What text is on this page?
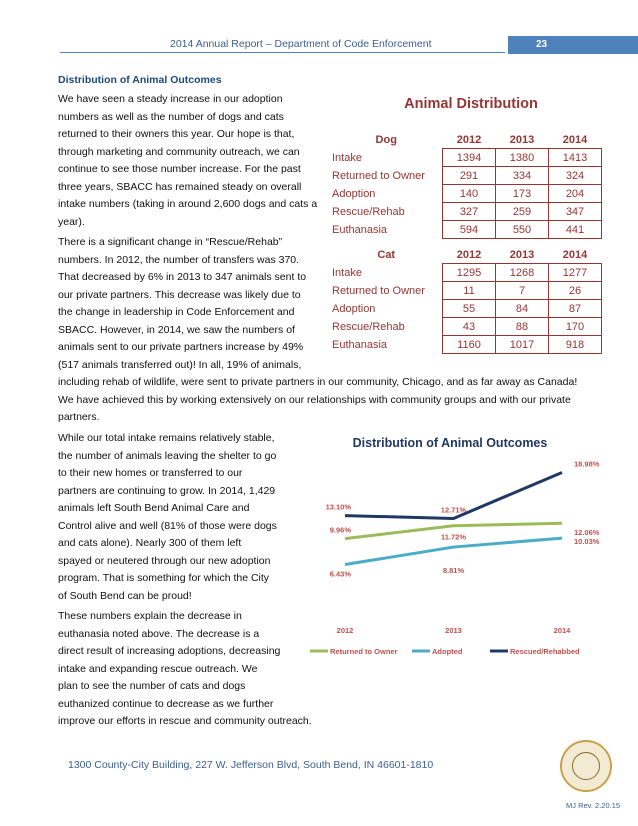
2014 Annual Report – Department of Code Enforcement	23
Distribution of Animal Outcomes

We have seen a steady increase in our adoption

numbers as well as the number of dogs and cats

returned to their owners this year. Our hope is that,

through marketing and community outreach, we can

continue to see those number increase. For the past

three years, SBACC has remained steady on overall

intake numbers (taking in around 2,600 dogs and cats a

year).

There is a significant change in “Rescue/Rehab”

numbers. In 2012, the number of transfers was 370.

That decreased by 6% in 2013 to 347 animals sent to

our private partners. This decrease was likely due to

the change in leadership in Code Enforcement and

SBACC. However, in 2014, we saw the numbers of

animals sent to our private partners increase by 49%

(517 animals transferred out)! In all, 19% of animals,

including rehab of wildlife, were sent to private partners in our community, Chicago, and as far away as Canada!

We have achieved this by working extensively on our relationships with community groups and with our private

partners.

While our total intake remains relatively stable,

the number of animals leaving the shelter to go

to their new homes or transferred to our

partners are continuing to grow. In 2014, 1,429

animals left South Bend Animal Care and

Control alive and well (81% of those were dogs

and cats alone). Nearly 300 of them left

spayed or neutered through our new adoption

program. That is something for which the City

of South Bend can be proud!

These numbers explain the decrease in

euthanasia noted above. The decrease is a

direct result of increasing adoptions, decreasing

intake and expanding rescue outreach. We

plan to see the number of cats and dogs

euthanized continue to decrease as we further

improve our efforts in rescue and community outreach.

Animal Distribution
Dog	2012	2013	2014
Intake	1394	1380	1413
Returned to Owner	291	334	324
Adoption	140	173	204
Rescue/Rehab	327	259	347
Euthanasia	594	550	441
Cat	2012	2013	2014
Intake	1295	1268	1277
Returned to Owner	11	7	26
Adoption	55	84	87
Rescue/Rehab	43	88	170
Euthanasia	1160	1017	918
Distribution of Animal Outcomes
9.96%
11.72%	12.06%
6.43%	8.81%
10.03%
13.10%	12.71%
18.98%
2012	2013	2014
Returned to Owner	Adopted	Rescued/Rehabbed
1300 County-City Building, 227 W. Jefferson Blvd, South Bend, IN 46601-1810
MJ Rev. 2.20.15
